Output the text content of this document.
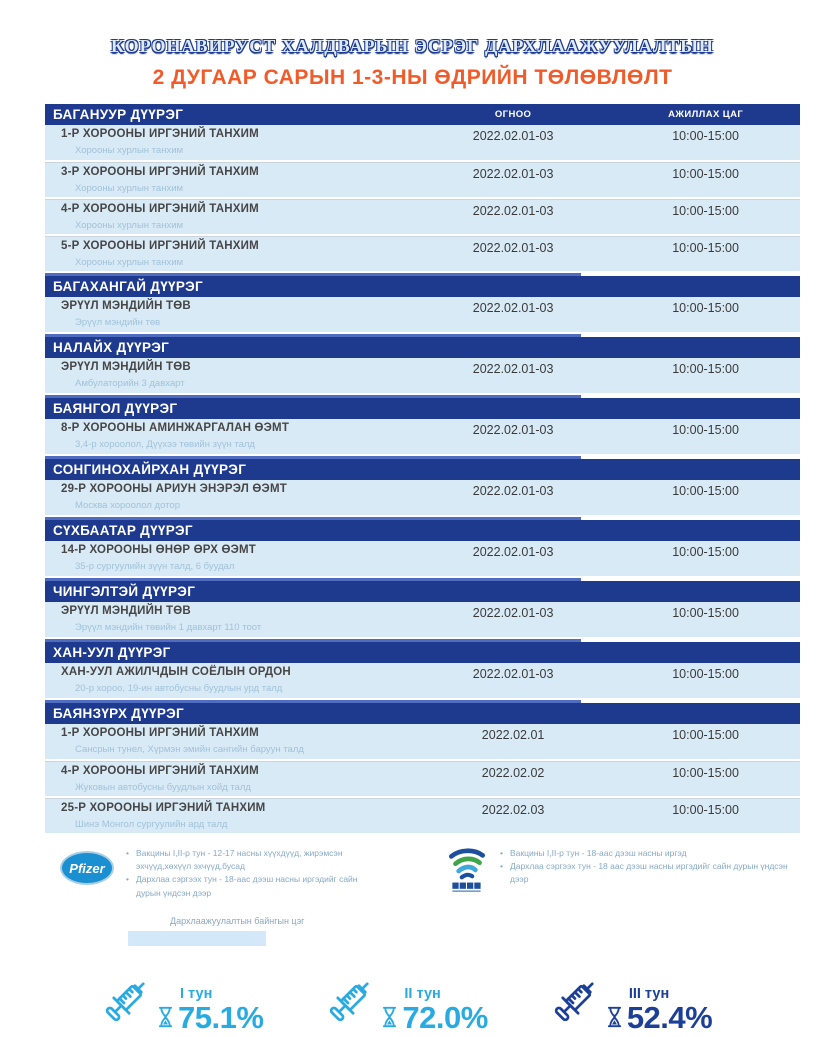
КОРОНАВИРУСТ ХАЛДВАРЫН ЭСРЭГ ДАРХЛААЖУУЛАЛТЫН
2 ДУГААР САРЫН 1-3-НЫ ӨДРИЙН ТӨЛӨВЛӨЛТ
БАГАНУУР ДҮҮРЭГ	ОГНОО	АЖИЛЛАХ ЦАГ
1-Р ХОРООНЫ ИРГЭНИЙ ТАНХИМ
Хорооны хурлын танхим
2022.02.01-03	10:00-15:00
3-Р ХОРООНЫ ИРГЭНИЙ ТАНХИМ
Хорооны хурлын танхим
2022.02.01-03	10:00-15:00
4-Р ХОРООНЫ ИРГЭНИЙ ТАНХИМ
Хорооны хурлын танхим
2022.02.01-03	10:00-15:00
5-Р ХОРООНЫ ИРГЭНИЙ ТАНХИМ
Хорооны хурлын танхим
2022.02.01-03	10:00-15:00
БАГАХАНГАЙ ДҮҮРЭГ
ЭРҮҮЛ МЭНДИЙН ТӨВ
Эрүүл мэндийн төв
2022.02.01-03	10:00-15:00
НАЛАЙХ ДҮҮРЭГ
ЭРҮҮЛ МЭНДИЙН ТӨВ
Амбулаторийн 3 давхарт
2022.02.01-03	10:00-15:00
БАЯНГОЛ ДҮҮРЭГ
8-Р ХОРООНЫ АМИНЖАРГАЛАН ӨЭМТ
3,4-р хороолол, Дүүхээ төвийн зүүн талд
2022.02.01-03	10:00-15:00
СОНГИНОХАЙРХАН ДҮҮРЭГ
29-Р ХОРООНЫ АРИУН ЭНЭРЭЛ ӨЭМТ
Москва хороолол дотор
2022.02.01-03	10:00-15:00
СҮХБААТАР ДҮҮРЭГ
14-Р ХОРООНЫ ӨНӨР ӨРХ ӨЭМТ
35-р сургуулийн зүүн талд, 6 буудал
2022.02.01-03	10:00-15:00
ЧИНГЭЛТЭЙ ДҮҮРЭГ
ЭРҮҮЛ МЭНДИЙН ТӨВ
Эрүүл мэндийн төвийн 1 давхарт 110 тоот
2022.02.01-03	10:00-15:00
ХАН-УУЛ ДҮҮРЭГ
ХАН-УУЛ АЖИЛЧДЫН СОЁЛЫН ОРДОН
20-р хороо, 19-ин автобусны буудлын урд талд
2022.02.01-03	10:00-15:00
БАЯНЗҮРХ ДҮҮРЭГ
1-Р ХОРООНЫ ИРГЭНИЙ ТАНХИМ
Сансрын тунел, Хүрмэн эмийн сангийн баруун талд
2022.02.01	10:00-15:00
4-Р ХОРООНЫ ИРГЭНИЙ ТАНХИМ
Жуковын автобусны буудлын хойд талд
2022.02.02	10:00-15:00
25-Р ХОРООНЫ ИРГЭНИЙ ТАНХИМ
Шинэ Монгол сургуулийн ард талд
2022.02.03	10:00-15:00
Pfizer
• Вакцины I,II-р тун - 12-17 насны хүүхдүүд, жирэмсэн эхчүүд,хөхүүл эхчүүд,бусад
• Дархлаа сэргээх тун - 18-аас дээш насны иргэдийг сайн дурын үндсэн дээр
• Вакцины I,II-р тун - 18-аас дээш насны иргэд
• Дархлаа сэргээх тун - 18 аас дээш насны иргэдийг сайн дурын үндсэн дээр
Дархлаажуулалтын байнгын цэг
I тун
75.1%
II тун
72.0%
III тун
52.4%
